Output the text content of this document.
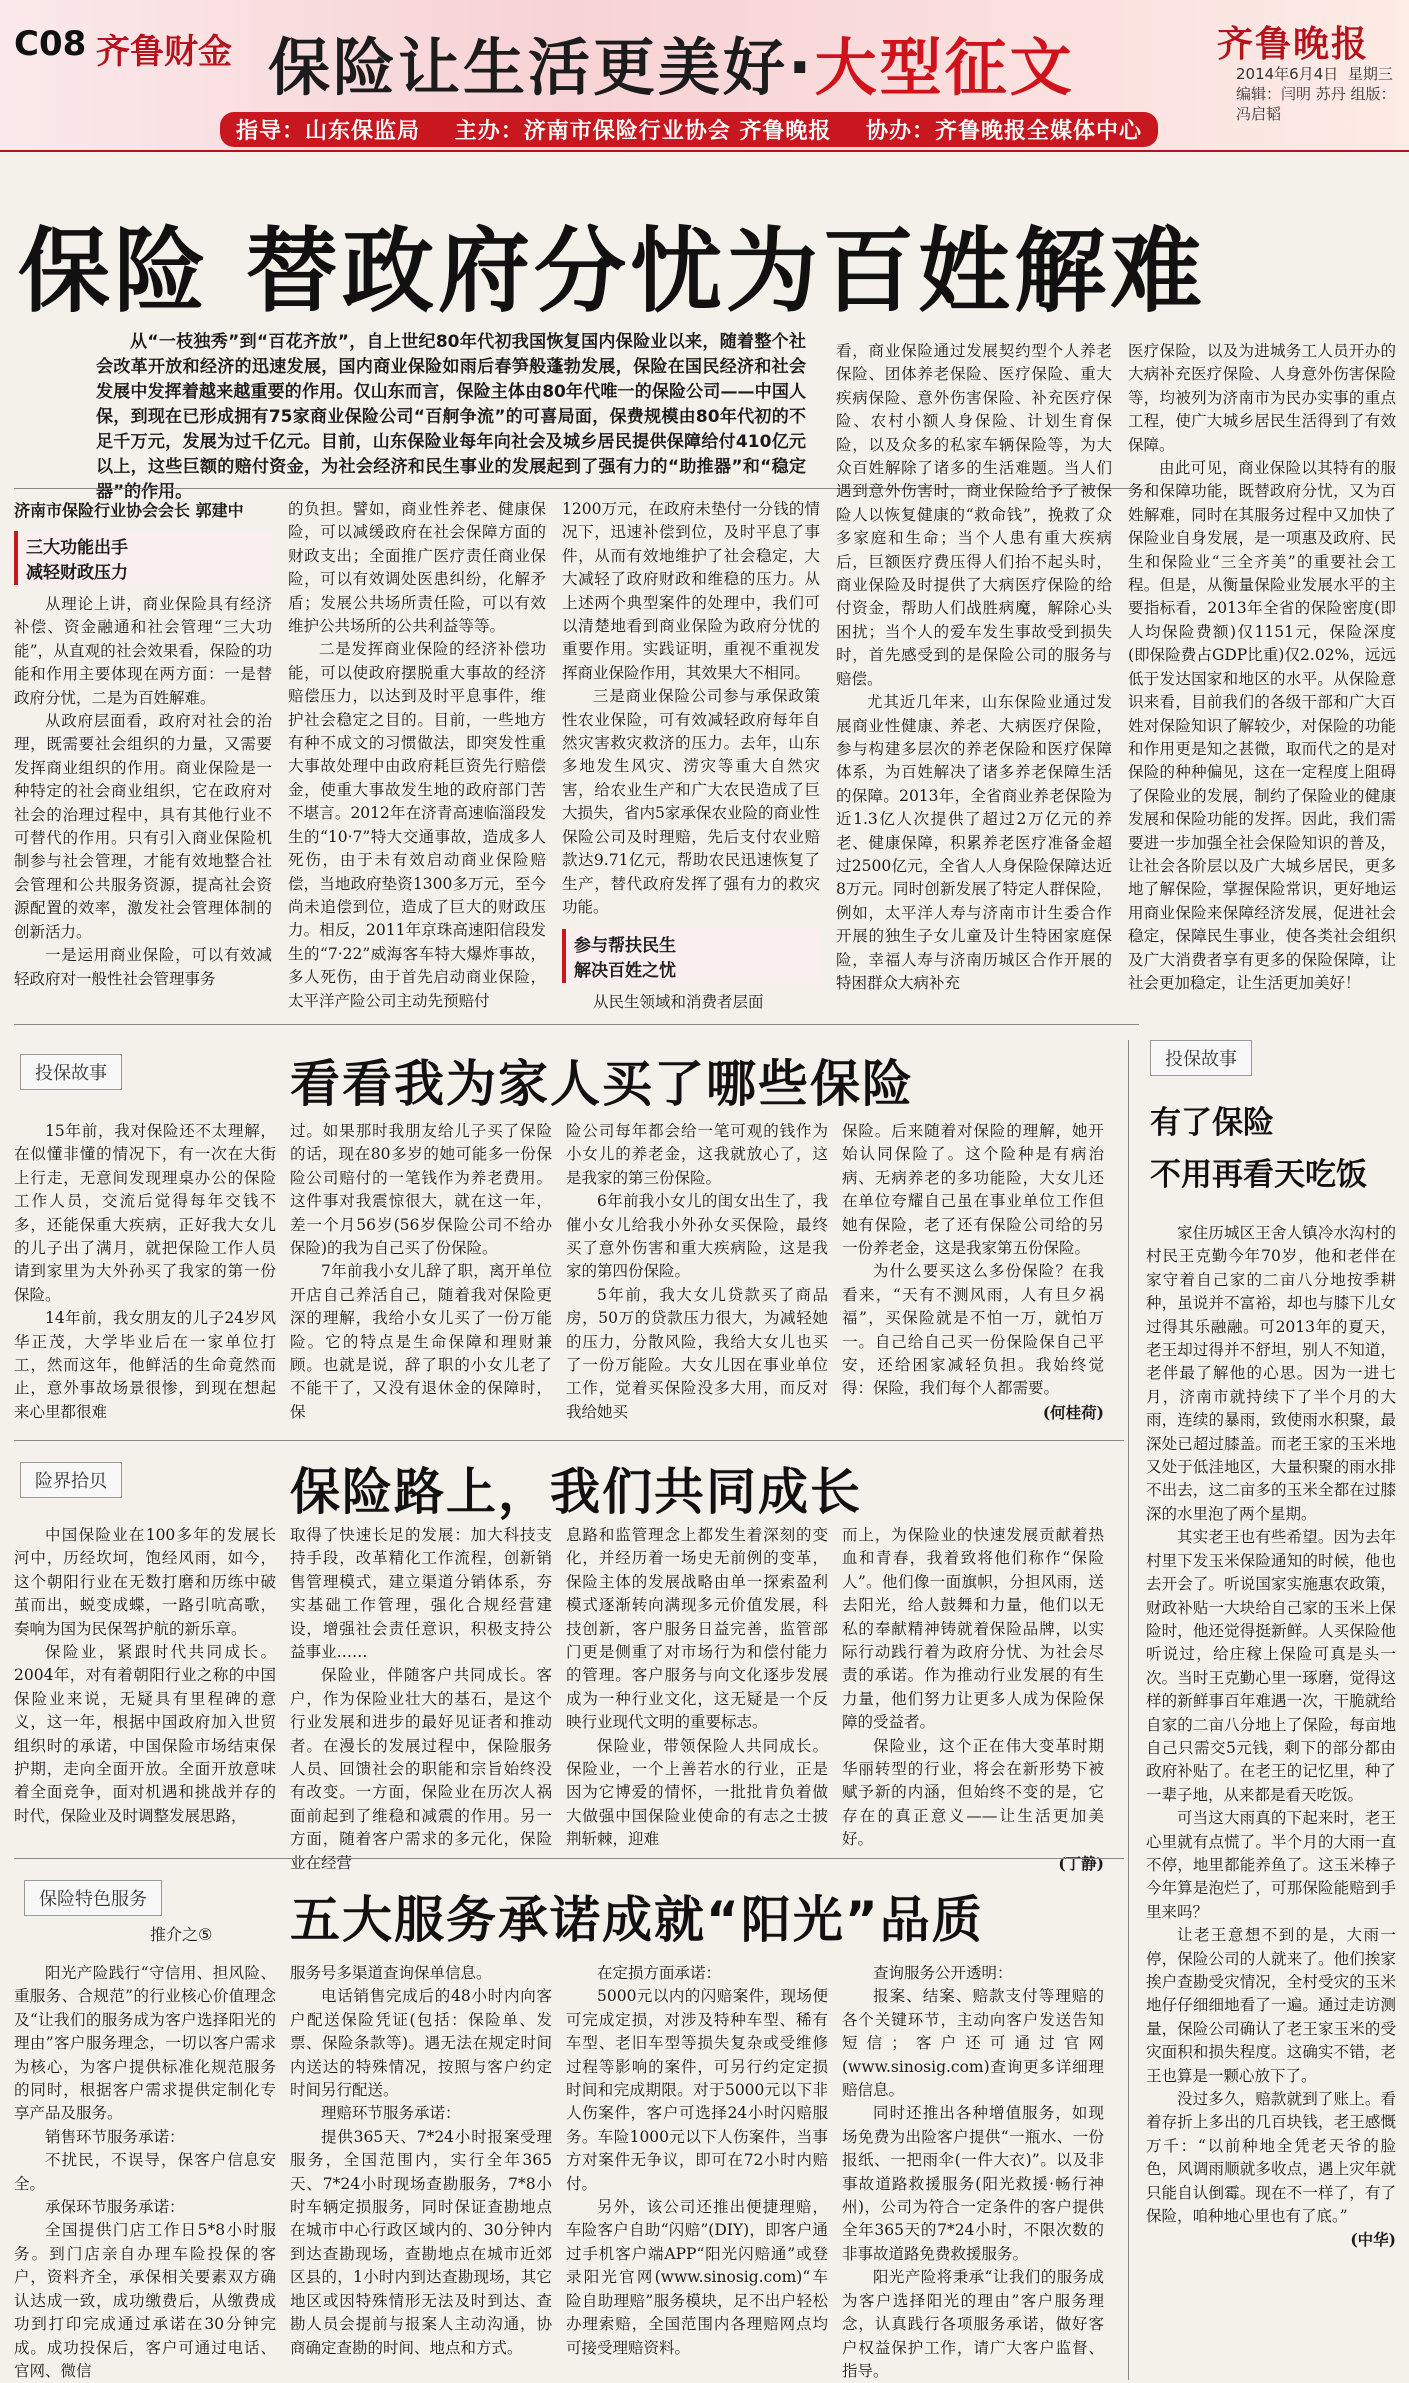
C08 齐鲁财金 保险让生活更美好·大型征文	齐鲁晚报
2014年6月4日 星期三
编辑：闫明 苏丹 组版：冯启韬
指导：山东保监局 主办：济南市保险行业协会 齐鲁晚报 协办：齐鲁晚报全媒体中心
保险 替政府分忧为百姓解难
从“一枝独秀”到“百花齐放”，自上世纪80年代初我国恢复国内保险业以来，随着整个社会改革开放和经济的迅速发展，国内商业保险如雨后春笋般蓬勃发展，保险在国民经济和社会发展中发挥着越来越重要的作用。仅山东而言，保险主体由80年代唯一的保险公司——中国人保，到现在已形成拥有75家商业保险公司“百舸争流”的可喜局面，保费规模由80年代初的不足千万元，发展为过千亿元。目前，山东保险业每年向社会及城乡居民提供保障给付410亿元以上，这些巨额的赔付资金，为社会经济和民生事业的发展起到了强有力的“助推器”和“稳定器”的作用。
济南市保险行业协会会长 郭建中
三大功能出手
减轻财政压力

从理论上讲，商业保险具有经济补偿、资金融通和社会管理“三大功能”，从直观的社会效果看，保险的功能和作用主要体现在两方面：一是替政府分忧，二是为百姓解难。

从政府层面看，政府对社会的治理，既需要社会组织的力量，又需要发挥商业组织的作用。商业保险是一种特定的社会商业组织，它在政府对社会的治理过程中，具有其他行业不可替代的作用。只有引入商业保险机制参与社会管理，才能有效地整合社会管理和公共服务资源，提高社会资源配置的效率，激发社会管理体制的创新活力。

一是运用商业保险，可以有效减轻政府对一般性社会管理事务

的负担。譬如，商业性养老、健康保险，可以减缓政府在社会保障方面的财政支出；全面推广医疗责任商业保险，可以有效调处医患纠纷，化解矛盾；发展公共场所责任险，可以有效维护公共场所的公共利益等等。

二是发挥商业保险的经济补偿功能，可以使政府摆脱重大事故的经济赔偿压力，以达到及时平息事件，维护社会稳定之目的。目前，一些地方有种不成文的习惯做法，即突发性重大事故处理中由政府耗巨资先行赔偿金，使重大事故发生地的政府部门苦不堪言。2012年在济青高速临淄段发生的“10·7”特大交通事故，造成多人死伤，由于未有效启动商业保险赔偿，当地政府垫资1300多万元，至今尚未追偿到位，造成了巨大的财政压力。相反，2011年京珠高速阳信段发生的“7·22”威海客车特大爆炸事故，多人死伤，由于首先启动商业保险，太平洋产险公司主动先预赔付

1200万元，在政府未垫付一分钱的情况下，迅速补偿到位，及时平息了事件，从而有效地维护了社会稳定，大大减轻了政府财政和维稳的压力。从上述两个典型案件的处理中，我们可以清楚地看到商业保险为政府分忧的重要作用。实践证明，重视不重视发挥商业保险作用，其效果大不相同。

三是商业保险公司参与承保政策性农业保险，可有效减轻政府每年自然灾害救灾救济的压力。去年，山东多地发生风灾、涝灾等重大自然灾害，给农业生产和广大农民造成了巨大损失，省内5家承保农业险的商业性保险公司及时理赔，先后支付农业赔款达9.71亿元，帮助农民迅速恢复了生产，替代政府发挥了强有力的救灾功能。

参与帮扶民生
解决百姓之忧

从民生领域和消费者层面

看，商业保险通过发展契约型个人养老保险、团体养老保险、医疗保险、重大疾病保险、意外伤害保险、补充医疗保险、农村小额人身保险、计划生育保险，以及众多的私家车辆保险等，为大众百姓解除了诸多的生活难题。当人们遇到意外伤害时，商业保险给予了被保险人以恢复健康的“救命钱”，挽救了众多家庭和生命；当个人患有重大疾病后，巨额医疗费压得人们抬不起头时，商业保险及时提供了大病医疗保险的给付资金，帮助人们战胜病魔，解除心头困扰；当个人的爱车发生事故受到损失时，首先感受到的是保险公司的服务与赔偿。

尤其近几年来，山东保险业通过发展商业性健康、养老、大病医疗保险，参与构建多层次的养老保险和医疗保障体系，为百姓解决了诸多养老保障生活的保障。2013年，全省商业养老保险为近1.3亿人次提供了超过2万亿元的养老、健康保障，积累养老医疗准备金超过2500亿元，全省人人身保险保障达近8万元。同时创新发展了特定人群保险，例如，太平洋人寿与济南市计生委合作开展的独生子女儿童及计生特困家庭保险，幸福人寿与济南历城区合作开展的特困群众大病补充

医疗保险，以及为进城务工人员开办的大病补充医疗保险、人身意外伤害保险等，均被列为济南市为民办实事的重点工程，使广大城乡居民生活得到了有效保障。

由此可见，商业保险以其特有的服务和保障功能，既替政府分忧，又为百姓解难，同时在其服务过程中又加快了保险业自身发展，是一项惠及政府、民生和保险业“三全齐美”的重要社会工程。但是，从衡量保险业发展水平的主要指标看，2013年全省的保险密度(即人均保险费额)仅1151元，保险深度(即保险费占GDP比重)仅2.02%，远远低于发达国家和地区的水平。从保险意识来看，目前我们的各级干部和广大百姓对保险知识了解较少，对保险的功能和作用更是知之甚微，取而代之的是对保险的种种偏见，这在一定程度上阻碍了保险业的发展，制约了保险业的健康发展和保险功能的发挥。因此，我们需要进一步加强全社会保险知识的普及，让社会各阶层以及广大城乡居民，更多地了解保险，掌握保险常识，更好地运用商业保险来保障经济发展，促进社会稳定，保障民生事业，使各类社会组织及广大消费者享有更多的保险保障，让社会更加稳定，让生活更加美好！

投保故事	看看我为家人买了哪些保险

15年前，我对保险还不太理解，在似懂非懂的情况下，有一次在大街上行走，无意间发现理桌办公的保险工作人员，交流后觉得每年交钱不多，还能保重大疾病，正好我大女儿的儿子出了满月，就把保险工作人员请到家里为大外孙买了我家的第一份保险。

14年前，我女朋友的儿子24岁风华正茂，大学毕业后在一家单位打工，然而这年，他鲜活的生命竟然而止，意外事故场景很惨，到现在想起来心里都很难

过。如果那时我朋友给儿子买了保险的话，现在80多岁的她可能多一份保险公司赔付的一笔钱作为养老费用。这件事对我震惊很大，就在这一年，差一个月56岁(56岁保险公司不给办保险)的我为自己买了份保险。

7年前我小女儿辞了职，离开单位开店自己养活自己，随着我对保险更深的理解，我给小女儿买了一份万能险。它的特点是生命保障和理财兼顾。也就是说，辞了职的小女儿老了不能干了，又没有退休金的保障时，保

险公司每年都会给一笔可观的钱作为小女儿的养老金，这我就放心了，这是我家的第三份保险。

6年前我小女儿的闺女出生了，我催小女儿给我小外孙女买保险，最终买了意外伤害和重大疾病险，这是我家的第四份保险。

5年前，我大女儿贷款买了商品房，50万的贷款压力很大，为减轻她的压力，分散风险，我给大女儿也买了一份万能险。大女儿因在事业单位工作，觉着买保险没多大用，而反对我给她买

保险。后来随着对保险的理解，她开始认同保险了。这个险种是有病治病、无病养老的多功能险，大女儿还在单位夸耀自己虽在事业单位工作但她有保险，老了还有保险公司给的另一份养老金，这是我家第五份保险。

为什么要买这么多份保险？在我看来，“天有不测风雨，人有旦夕祸福”，买保险就是不怕一万，就怕万一。自己给自己买一份保险保自己平安，还给困家减轻负担。我始终觉得：保险，我们每个人都需要。

(何桂荷)
险界拾贝	保险路上，我们共同成长

中国保险业在100多年的发展长河中，历经坎坷，饱经风雨，如今，这个朝阳行业在无数打磨和历练中破茧而出，蜕变成蝶，一路引吭高歌，奏响为国为民保驾护航的新乐章。

保险业，紧跟时代共同成长。2004年，对有着朝阳行业之称的中国保险业来说，无疑具有里程碑的意义，这一年，根据中国政府加入世贸组织时的承诺，中国保险市场结束保护期，走向全面开放。全面开放意味着全面竞争，面对机遇和挑战并存的时代，保险业及时调整发展思路，

取得了快速长足的发展：加大科技支持手段，改革精化工作流程，创新销售管理模式，建立渠道分销体系，夯实基础工作管理，强化合规经营建设，增强社会责任意识，积极支持公益事业……

保险业，伴随客户共同成长。客户，作为保险业壮大的基石，是这个行业发展和进步的最好见证者和推动者。在漫长的发展过程中，保险服务人员、回馈社会的职能和宗旨始终没有改变。一方面，保险业在历次人祸面前起到了维稳和减震的作用。另一方面，随着客户需求的多元化，保险业在经营

息路和监管理念上都发生着深刻的变化，并经历着一场史无前例的变革，保险主体的发展战略由单一探索盈利模式逐渐转向满现多元价值发展，科技创新，客户服务日益完善，监管部门更是侧重了对市场行为和偿付能力的管理。客户服务与向文化逐步发展成为一种行业文化，这无疑是一个反映行业现代文明的重要标志。

保险业，带领保险人共同成长。保险业，一个上善若水的行业，正是因为它博爱的情怀，一批批肯负着做大做强中国保险业使命的有志之士披荆斩棘，迎难

而上，为保险业的快速发展贡献着热血和青春，我着致将他们称作“保险人”。他们像一面旗帜，分担风雨，送去阳光，给人鼓舞和力量，他们以无私的奉献精神铸就着保险品牌，以实际行动践行着为政府分忧、为社会尽责的承诺。作为推动行业发展的有生力量，他们努力让更多人成为保险保障的受益者。

保险业，这个正在伟大变革时期华丽转型的行业，将会在新形势下被赋予新的内涵，但始终不变的是，它存在的真正意义——让生活更加美好。

(丁静)
保险特色服务
推介之⑤ 五大服务承诺成就“阳光”品质

阳光产险践行“守信用、担风险、重服务、合规范”的行业核心价值理念及“让我们的服务成为客户选择阳光的理由”客户服务理念，一切以客户需求为核心，为客户提供标准化规范服务的同时，根据客户需求提供定制化专享产品及服务。

销售环节服务承诺：

不扰民，不误导，保客户信息安全。

承保环节服务承诺：

全国提供门店工作日5*8小时服务。到门店亲自办理车险投保的客户，资料齐全，承保相关要素双方确认达成一致，成功缴费后，从缴费成功到打印完成通过承诺在30分钟完成。成功投保后，客户可通过电话、官网、微信

服务号多渠道查询保单信息。

电话销售完成后的48小时内向客户配送保险凭证(包括：保险单、发票、保险条款等)。遇无法在规定时间内送达的特殊情况，按照与客户约定时间另行配送。

理赔环节服务承诺：

提供365天、7*24小时报案受理服务，全国范围内，实行全年365天、7*24小时现场查勘服务，7*8小时车辆定损服务，同时保证查勘地点在城市中心行政区域内的、30分钟内到达查勘现场，查勘地点在城市近郊区县的，1小时内到达查勘现场，其它地区或因特殊情形无法及时到达、查勘人员会提前与报案人主动沟通，协商确定查勘的时间、地点和方式。

在定损方面承诺：

5000元以内的闪赔案件，现场便可完成定损，对涉及特种车型、稀有车型、老旧车型等损失复杂或受维修过程等影响的案件，可另行约定定损时间和完成期限。对于5000元以下非人伤案件，客户可选择24小时闪赔服务。车险1000元以下人伤案件，当事方对案件无争议，即可在72小时内赔付。

另外，该公司还推出便捷理赔，车险客户自助“闪赔”(DIY)，即客户通过手机客户端APP“阳光闪赔通”或登录阳光官网(www.sinosig.com)“车险自助理赔”服务模块，足不出户轻松办理索赔，全国范围内各理赔网点均可接受理赔资料。

查询服务公开透明：

报案、结案、赔款支付等理赔的各个关键环节，主动向客户发送告知短信；客户还可通过官网(www.sinosig.com)查询更多详细理赔信息。

同时还推出各种增值服务，如现场免费为出险客户提供“一瓶水、一份报纸、一把雨伞(一件大衣)”。以及非事故道路救援服务(阳光救援·畅行神州)，公司为符合一定条件的客户提供全年365天的7*24小时，不限次数的非事故道路免费救援服务。

阳光产险将秉承“让我们的服务成为客户选择阳光的理由”客户服务理念，认真践行各项服务承诺，做好客户权益保护工作，请广大客户监督、指导。

投保故事
有了保险
不用再看天吃饭

家住历城区王舍人镇冷水沟村的村民王克勤今年70岁，他和老伴在家守着自己家的二亩八分地按季耕种，虽说并不富裕，却也与膝下儿女过得其乐融融。可2013年的夏天，老王却过得并不舒坦，别人不知道，老伴最了解他的心思。因为一进七月，济南市就持续下了半个月的大雨，连续的暴雨，致使雨水积聚，最深处已超过膝盖。而老王家的玉米地又处于低洼地区，大量积聚的雨水排不出去，这二亩多的玉米全都在过膝深的水里泡了两个星期。

其实老王也有些希望。因为去年村里下发玉米保险通知的时候，他也去开会了。听说国家实施惠农政策，财政补贴一大块给自己家的玉米上保险时，他还觉得挺新鲜。人买保险他听说过，给庄稼上保险可真是头一次。当时王克勤心里一琢磨，觉得这样的新鲜事百年难遇一次，干脆就给自家的二亩八分地上了保险，每亩地自己只需交5元钱，剩下的部分都由政府补贴了。在老王的记忆里，种了一辈子地，从来都是看天吃饭。

可当这大雨真的下起来时，老王心里就有点慌了。半个月的大雨一直不停，地里都能养鱼了。这玉米棒子今年算是泡烂了，可那保险能赔到手里来吗？

让老王意想不到的是，大雨一停，保险公司的人就来了。他们挨家挨户查勘受灾情况，全村受灾的玉米地仔仔细细地看了一遍。通过走访测量，保险公司确认了老王家玉米的受灾面积和损失程度。这确实不错，老王也算是一颗心放下了。

没过多久，赔款就到了账上。看着存折上多出的几百块钱，老王感慨万千：“以前种地全凭老天爷的脸色，风调雨顺就多收点，遇上灾年就只能自认倒霉。现在不一样了，有了保险，咱种地心里也有了底。”

(中华)
